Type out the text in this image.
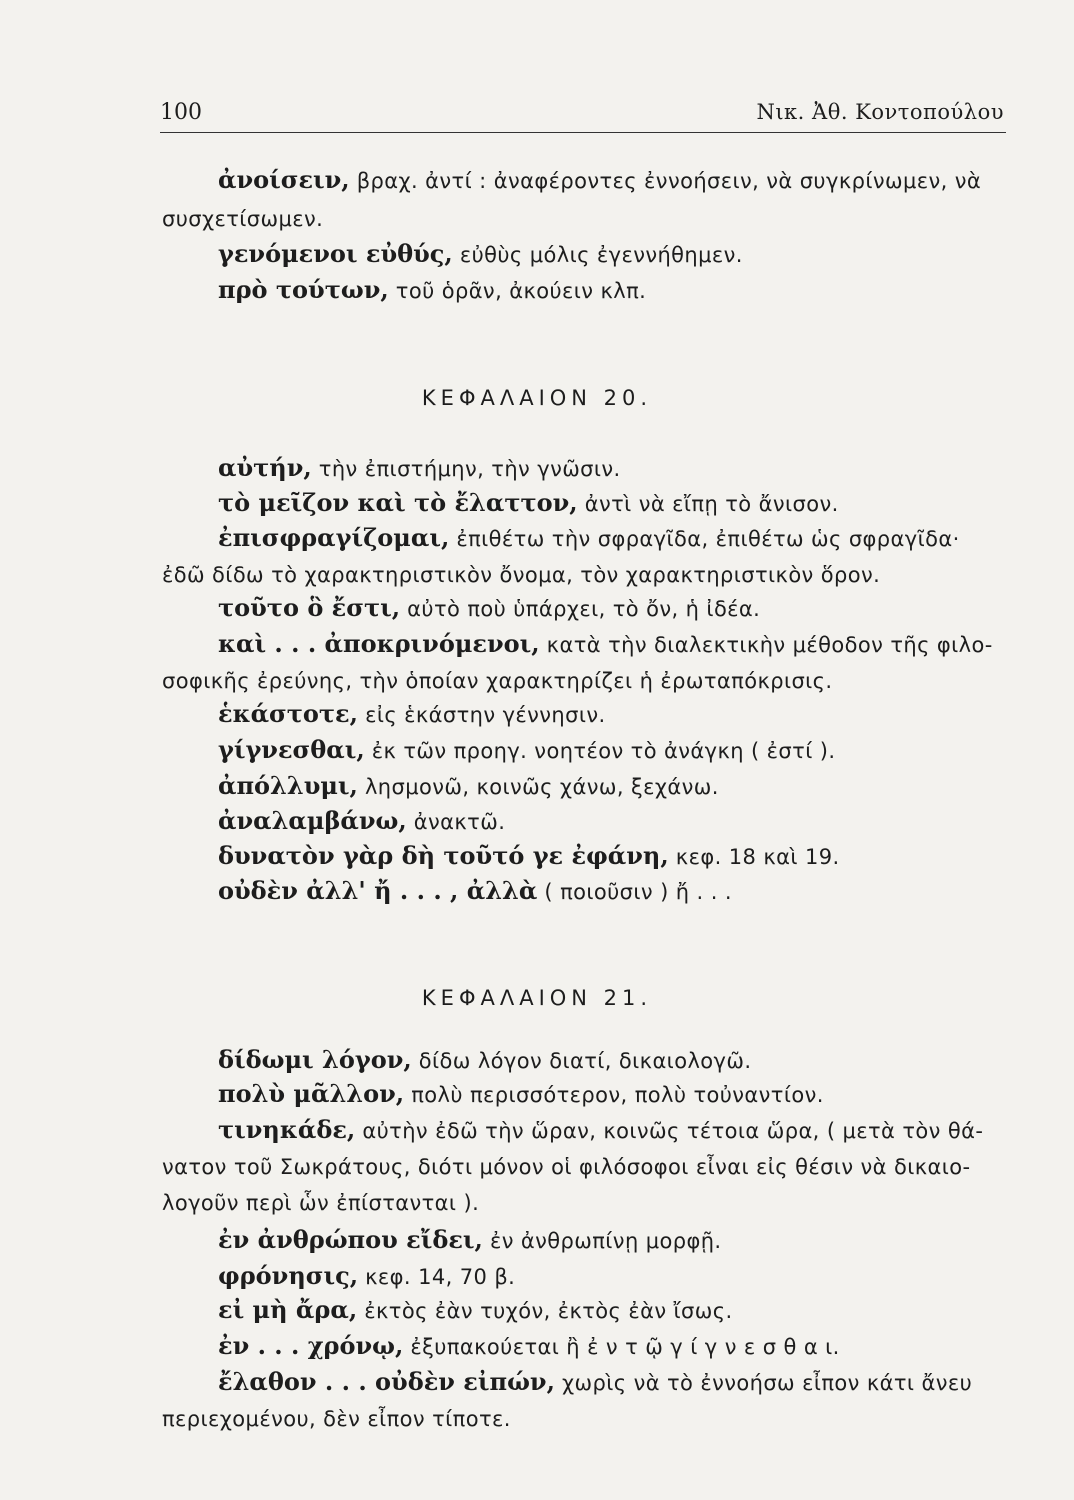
100	Νικ. Ἀθ. Κοντοπούλου
ἀνοίσειν, βραχ. ἀντί : ἀναφέροντες ἐννοήσειν, νὰ συγκρίνωμεν, νὰ
συσχετίσωμεν.
γενόμενοι εὐθύς, εὐθὺς μόλις ἐγεννήθημεν.
πρὸ τούτων, τοῦ ὁρᾶν, ἀκούειν κλπ.
ΚΕΦΑΛΑΙΟΝ 20.
αὐτήν, τὴν ἐπιστήμην, τὴν γνῶσιν.
τὸ μεῖζον καὶ τὸ ἔλαττον, ἀντὶ νὰ εἴπῃ τὸ ἄνισον.
ἐπισφραγίζομαι, ἐπιθέτω τὴν σφραγῖδα, ἐπιθέτω ὡς σφραγῖδα·
ἐδῶ δίδω τὸ χαρακτηριστικὸν ὄνομα, τὸν χαρακτηριστικὸν ὅρον.
τοῦτο ὃ ἔστι, αὐτὸ ποὺ ὑπάρχει, τὸ ὄν, ἡ ἰδέα.
καὶ . . . ἀποκρινόμενοι, κατὰ τὴν διαλεκτικὴν μέθοδον τῆς φιλο-
σοφικῆς ἐρεύνης, τὴν ὁποίαν χαρακτηρίζει ἡ ἐρωταπόκρισις.
ἑκάστοτε, εἰς ἑκάστην γέννησιν.
γίγνεσθαι, ἐκ τῶν προηγ. νοητέον τὸ ἀνάγκη ( ἐστί ).
ἀπόλλυμι, λησμονῶ, κοινῶς χάνω, ξεχάνω.
ἀναλαμβάνω, ἀνακτῶ.
δυνατὸν γὰρ δὴ τοῦτό γε ἐφάνη, κεφ. 18 καὶ 19.
οὐδὲν ἀλλ' ἤ . . . , ἀλλὰ ( ποιοῦσιν ) ἤ . . .
ΚΕΦΑΛΑΙΟΝ 21.
δίδωμι λόγον, δίδω λόγον διατί, δικαιολογῶ.
πολὺ μᾶλλον, πολὺ περισσότερον, πολὺ τοὐναντίον.
τινηκάδε, αὐτὴν ἐδῶ τὴν ὥραν, κοινῶς τέτοια ὥρα, ( μετὰ τὸν θά-
νατον τοῦ Σωκράτους, διότι μόνον οἱ φιλόσοφοι εἶναι εἰς θέσιν νὰ δικαιο-
λογοῦν περὶ ὧν ἐπίστανται ).
ἐν ἀνθρώπου εἴδει, ἐν ἀνθρωπίνῃ μορφῇ.
φρόνησις, κεφ. 14, 70 β.
εἰ μὴ ἄρα, ἐκτὸς ἐὰν τυχόν, ἐκτὸς ἐὰν ἴσως.
ἐν . . . χρόνῳ, ἐξυπακούεται ἢ ἐ ν τ ῷ γ ί γ ν ε σ θ α ι.
ἔλαθον . . . οὐδὲν εἰπών, χωρὶς νὰ τὸ ἐννοήσω εἶπον κάτι ἄνευ
περιεχομένου, δὲν εἶπον τίποτε.
